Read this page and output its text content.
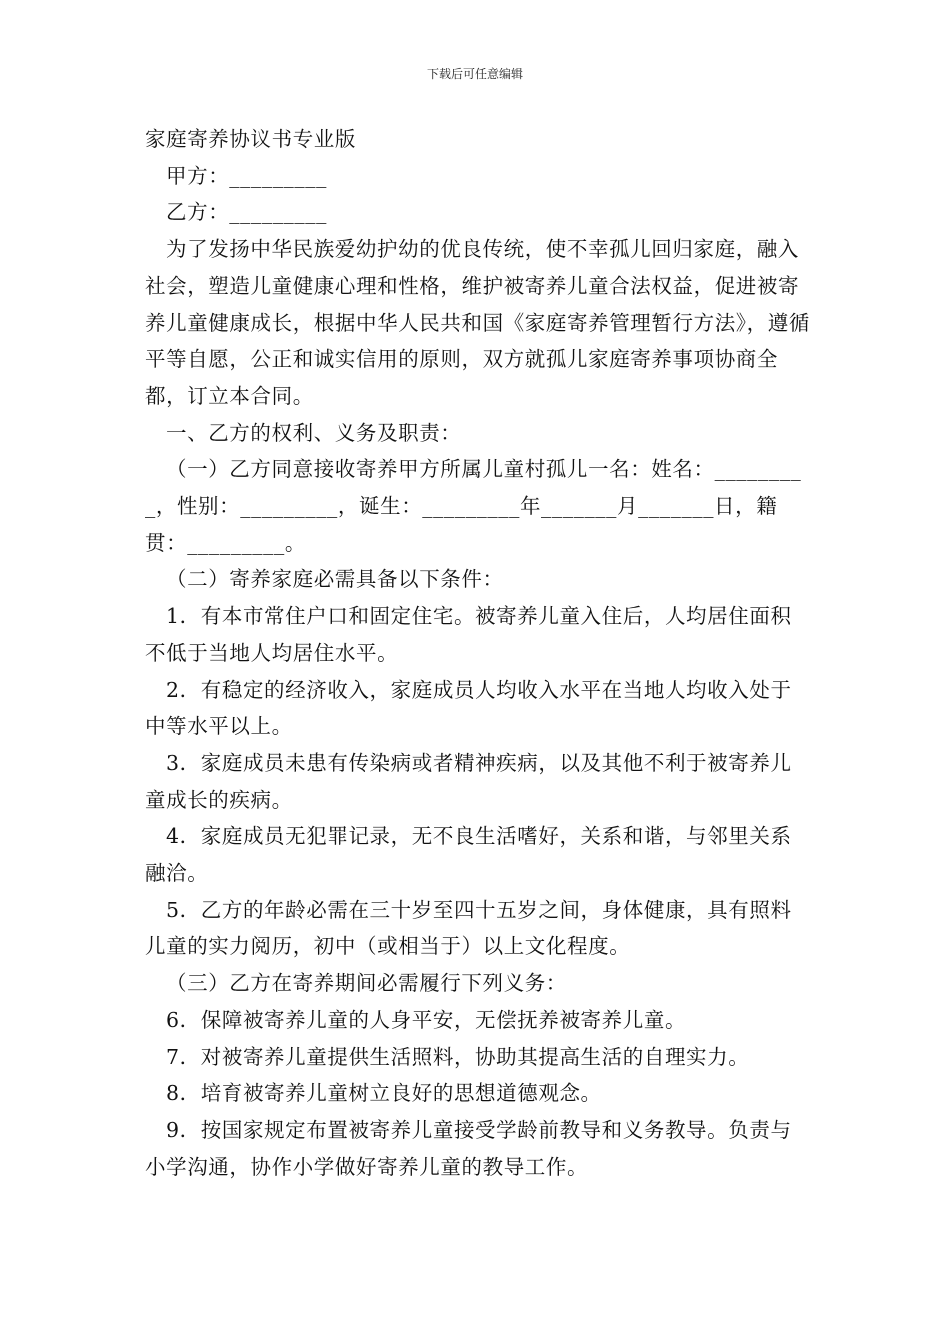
下载后可任意编辑

家庭寄养协议书专业版

甲方：_________

乙方：_________

为了发扬中华民族爱幼护幼的优良传统，使不幸孤儿回归家庭，融入社会，塑造儿童健康心理和性格，维护被寄养儿童合法权益，促进被寄养儿童健康成长，根据中华人民共和国《家庭寄养管理暂行方法》，遵循平等自愿，公正和诚实信用的原则，双方就孤儿家庭寄养事项协商全都，订立本合同。

一、乙方的权利、义务及职责：

（一）乙方同意接收寄养甲方所属儿童村孤儿一名：姓名：_________，性别：_________，诞生：_________年_______月_______日，籍贯：_________。

（二）寄养家庭必需具备以下条件：

1．有本市常住户口和固定住宅。被寄养儿童入住后，人均居住面积不低于当地人均居住水平。

2．有稳定的经济收入，家庭成员人均收入水平在当地人均收入处于中等水平以上。

3．家庭成员未患有传染病或者精神疾病，以及其他不利于被寄养儿童成长的疾病。

4．家庭成员无犯罪记录，无不良生活嗜好，关系和谐，与邻里关系融洽。

5．乙方的年龄必需在三十岁至四十五岁之间，身体健康，具有照料儿童的实力阅历，初中（或相当于）以上文化程度。

（三）乙方在寄养期间必需履行下列义务：

6．保障被寄养儿童的人身平安，无偿抚养被寄养儿童。

7．对被寄养儿童提供生活照料，协助其提高生活的自理实力。

8．培育被寄养儿童树立良好的思想道德观念。

9．按国家规定布置被寄养儿童接受学龄前教导和义务教导。负责与小学沟通，协作小学做好寄养儿童的教导工作。
